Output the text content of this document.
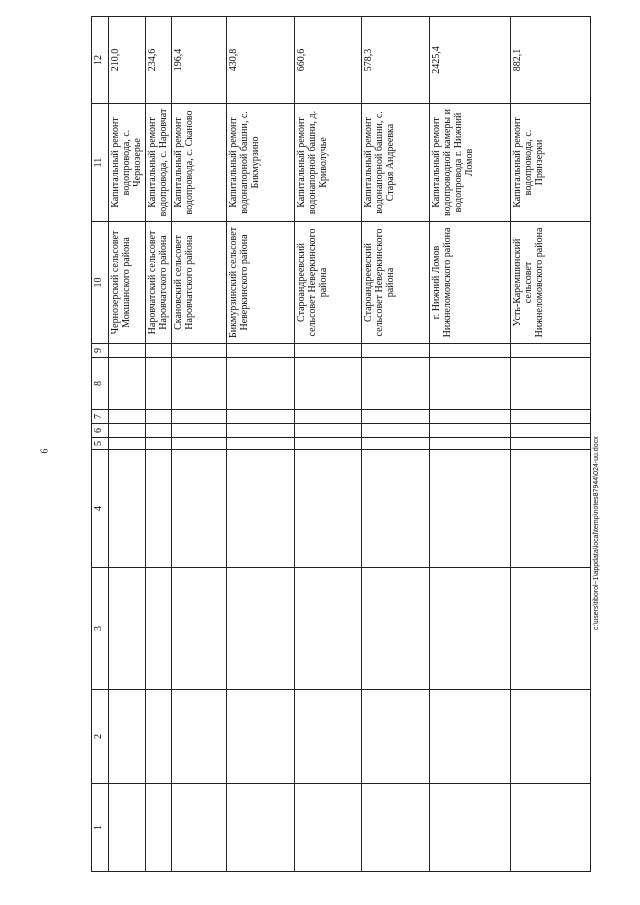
9	c:\users\tiborol~1\appdata\local\temp\notes87944\024-uu.docx
1	2	3	4	5	6	7	8	9	10	11	12
									Чернозерский сельсовет Мокшанского района	Капитальный ремонт водопровода, с. Чернозерье	210,0
									Наровчатский сельсовет Наровчатского района	Капитальный ремонт водопровода, с. Наровчат	234,6
									Скановский сельсовет Наровчатского района	Капитальный ремонт водопровода, с. Сканово	196,4
									Бикмурзинский сельсовет Неверкинского района	Капитальный ремонт водонапорной башни, с. Бикмурзино	430,8
									Староандреевский сельсовет Неверкинского района	Капитальный ремонт водонапорной башни, д. Криволучье	660,6
									Староандреевский сельсовет Неверкинского района	Капитальный ремонт водонапорной башни, с. Старая Андреевка	578,3
									г. Нижний Ломов Нижнеломовского района	Капитальный ремонт водопроводной камеры и водопровода г. Нижний Ломов	2425,4
									Усть-Каремшинский сельсовет Нижнеломовского района	Капитальный ремонт водопровода, с. Прянзерки	882,1
